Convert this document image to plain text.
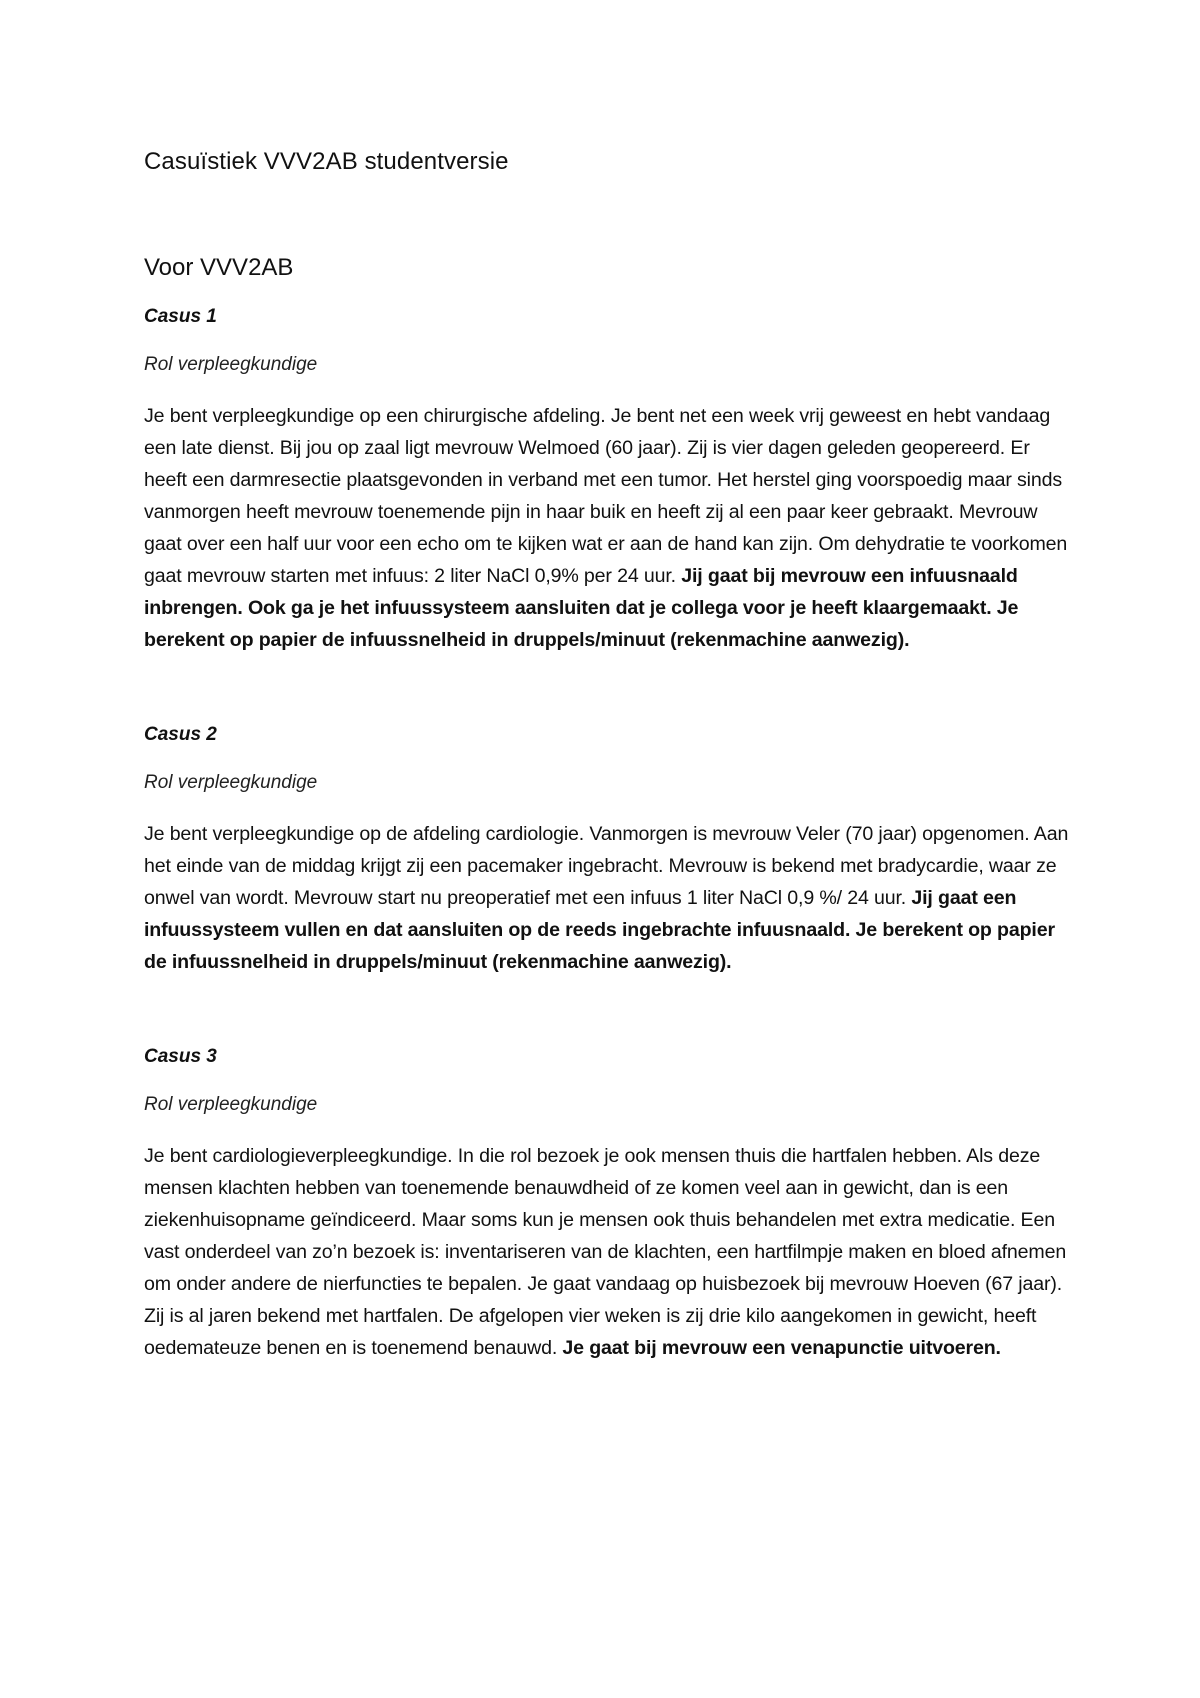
Casuïstiek VVV2AB studentversie
Voor VVV2AB

Casus 1

Rol verpleegkundige

Je bent verpleegkundige op een chirurgische afdeling. Je bent net een week vrij geweest en hebt vandaag een late dienst. Bij jou op zaal ligt mevrouw Welmoed (60 jaar). Zij is vier dagen geleden geopereerd. Er heeft een darmresectie plaatsgevonden in verband met een tumor. Het herstel ging voorspoedig maar sinds vanmorgen heeft mevrouw toenemende pijn in haar buik en heeft zij al een paar keer gebraakt. Mevrouw gaat over een half uur voor een echo om te kijken wat er aan de hand kan zijn. Om dehydratie te voorkomen gaat mevrouw starten met infuus: 2 liter NaCl 0,9% per 24 uur. Jij gaat bij mevrouw een infuusnaald inbrengen. Ook ga je het infuussysteem aansluiten dat je collega voor je heeft klaargemaakt. Je berekent op papier de infuussnelheid in druppels/minuut (rekenmachine aanwezig).

Casus 2

Rol verpleegkundige

Je bent verpleegkundige op de afdeling cardiologie. Vanmorgen is mevrouw Veler (70 jaar) opgenomen. Aan het einde van de middag krijgt zij een pacemaker ingebracht. Mevrouw is bekend met bradycardie, waar ze onwel van wordt. Mevrouw start nu preoperatief met een infuus 1 liter NaCl 0,9 %/ 24 uur. Jij gaat een infuussysteem vullen en dat aansluiten op de reeds ingebrachte infuusnaald. Je berekent op papier de infuussnelheid in druppels/minuut (rekenmachine aanwezig).

Casus 3

Rol verpleegkundige

Je bent cardiologieverpleegkundige. In die rol bezoek je ook mensen thuis die hartfalen hebben. Als deze mensen klachten hebben van toenemende benauwdheid of ze komen veel aan in gewicht, dan is een ziekenhuisopname geïndiceerd. Maar soms kun je mensen ook thuis behandelen met extra medicatie. Een vast onderdeel van zo’n bezoek is: inventariseren van de klachten, een hartfilmpje maken en bloed afnemen om onder andere de nierfuncties te bepalen. Je gaat vandaag op huisbezoek bij mevrouw Hoeven (67 jaar). Zij is al jaren bekend met hartfalen. De afgelopen vier weken is zij drie kilo aangekomen in gewicht, heeft oedemateuze benen en is toenemend benauwd. Je gaat bij mevrouw een venapunctie uitvoeren.
